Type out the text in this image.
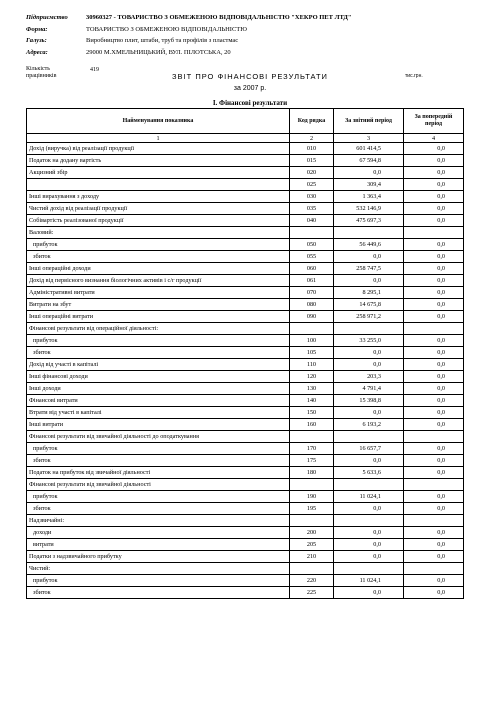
Підприємство	30960327 - ТОВАРИСТВО З ОБМЕЖЕНОЮ ВІДПОВІДАЛЬНІСТЮ "ХЕКРО ПЕТ ЛТД"
Форма:	ТОВАРИСТВО З ОБМЕЖЕНОЮ ВІДПОВІДАЛЬНІСТЮ
Галузь:	Виробництво плит, штаби, труб та профілів з пластмас
Адреса:	29000 М.ХМЕЛЬНИЦЬКИЙ, ВУЛ. ПІЛОТСЬКА, 20
Кількість
працівників
419
ЗВІТ ПРО ФІНАНСОВІ РЕЗУЛЬТАТИ	тис.грн.
за 2007 р.
І. Фінансові результати
Найменування показника	Код рядка	За звітний період	За попередній період
1	2	3	4
Дохід (виручка) від реалізації продукції	010	601 414,5	0,0
Податок на додану вартість	015	67 594,8	0,0
Акцизний збір	020	0,0	0,0
	025	309,4	0,0
Інші вирахування з доходу	030	1 363,4	0,0
Чистий дохід від реалізації продукції	035	532 146,9	0,0
Собівартість реалізованої продукції	040	475 697,3	0,0
Валовий:			
прибуток	050	56 449,6	0,0
збиток	055	0,0	0,0
Інші операційні доходи	060	258 747,5	0,0
Дохід від первісного визнання біологічних активів і с/г продукції	061	0,0	0,0
Адміністративні витрати	070	8 295,1	0,0
Витрати на збут	080	14 675,8	0,0
Інші операційні витрати	090	258 971,2	0,0
Фінансові результати від операційної діяльності:			
прибуток	100	33 255,0	0,0
збиток	105	0,0	0,0
Дохід від участі в капіталі	110	0,0	0,0
Інші фінансові доходи	120	203,3	0,0
Інші доходи	130	4 791,4	0,0
Фінансові витрати	140	15 398,8	0,0
Втрати від участі в капіталі	150	0,0	0,0
Інші витрати	160	6 193,2	0,0
Фінансові результати від звичайної діяльності до оподаткування			
прибуток	170	16 657,7	0,0
збиток	175	0,0	0,0
Податок на прибуток від звичайної діяльності	180	5 633,6	0,0
Фінансові результати від звичайної діяльності			
прибуток	190	11 024,1	0,0
збиток	195	0,0	0,0
Надзвичайні:			
доходи	200	0,0	0,0
витрати	205	0,0	0,0
Податки з надзвичайного прибутку	210	0,0	0,0
Чистий:			
прибуток	220	11 024,1	0,0
збиток	225	0,0	0,0
